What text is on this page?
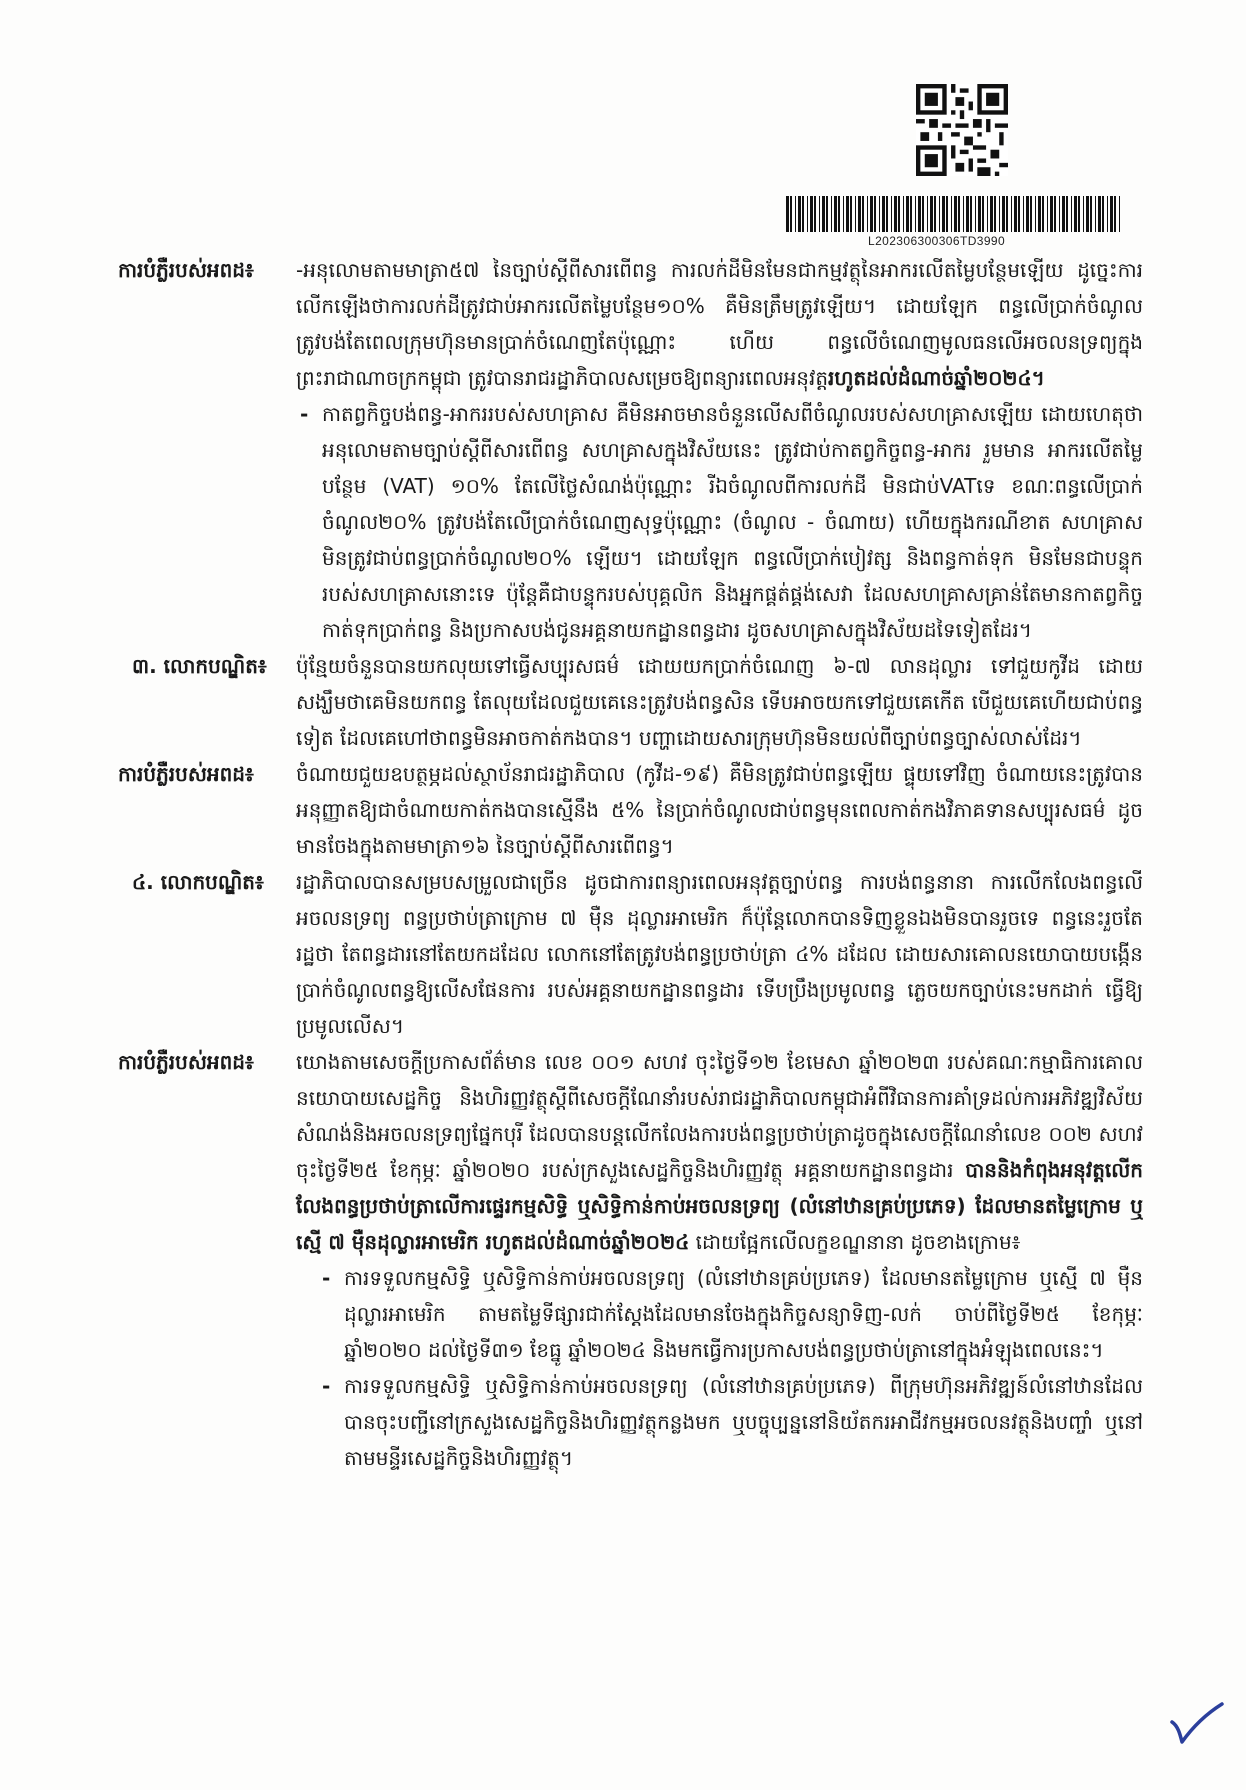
L202306300306TD3990
ការបំភ្លឺរបស់អពដ៖	-អនុលោមតាមមាត្រា៥៧ នៃច្បាប់ស្តីពីសារពើពន្ធ ការលក់ដីមិនមែនជាកម្មវត្ថុនៃអាករលើតម្លៃបន្ថែមឡើយ ដូច្នេះការលើកឡើងថាការលក់ដីត្រូវជាប់អាករលើតម្លៃបន្ថែម១០% គឺមិនត្រឹមត្រូវឡើយ។ ដោយឡែក ពន្ធលើប្រាក់ចំណូល ត្រូវបង់តែពេលក្រុមហ៊ុនមានប្រាក់ចំណេញតែប៉ុណ្ណោះ ហើយ ពន្ធលើចំណេញមូលធនលើអចលនទ្រព្យក្នុងព្រះរាជាណាចក្រកម្ពុជា ត្រូវបានរាជរដ្ឋាភិបាលសម្រេចឱ្យពន្យារពេលអនុវត្តរហូតដល់ដំណាច់ឆ្នាំ២០២៤។
- កាតព្វកិច្ចបង់ពន្ធ-អាកររបស់សហគ្រាស គឺមិនអាចមានចំនួនលើសពីចំណូលរបស់សហគ្រាសឡើយ ដោយហេតុថា អនុលោមតាមច្បាប់ស្តីពីសារពើពន្ធ សហគ្រាសក្នុងវិស័យនេះ ត្រូវជាប់កាតព្វកិច្ចពន្ធ-អាករ រួមមាន អាករលើតម្លៃបន្ថែម (VAT) ១០% តែលើថ្លៃសំណង់ប៉ុណ្ណោះ រីឯចំណូលពីការលក់ដី មិនជាប់VATទេ ខណៈពន្ធលើប្រាក់ចំណូល២០% ត្រូវបង់តែលើប្រាក់ចំណេញសុទ្ធប៉ុណ្ណោះ (ចំណូល - ចំណាយ) ហើយក្នុងករណីខាត សហគ្រាសមិនត្រូវជាប់ពន្ធប្រាក់ចំណូល២០% ឡើយ។ ដោយឡែក ពន្ធលើប្រាក់បៀវត្ស និងពន្ធកាត់ទុក មិនមែនជាបន្ទុករបស់សហគ្រាសនោះទេ ប៉ុន្តែគឺជាបន្ទុករបស់បុគ្គលិក និងអ្នកផ្គត់ផ្គង់សេវា ដែលសហគ្រាសគ្រាន់តែមានកាតព្វកិច្ចកាត់ទុកប្រាក់ពន្ធ និងប្រកាសបង់ជូនអគ្គនាយកដ្ឋានពន្ធដារ ដូចសហគ្រាសក្នុងវិស័យដទៃទៀតដែរ។
៣. លោកបណ្ឌិត៖	ប៉ុន្មែយចំនួនបានយកលុយទៅធ្វើសប្បុរសធម៌ ដោយយកប្រាក់ចំណេញ ៦-៧ លានដុល្លារ ទៅជួយកូវីដ ដោយសង្ឃឹមថាគេមិនយកពន្ធ តែលុយដែលជួយគេនេះត្រូវបង់ពន្ធសិន ទើបអាចយកទៅជួយគេកើត បើជួយគេហើយជាប់ពន្ធទៀត ដែលគេហៅថាពន្ធមិនអាចកាត់កងបាន។ បញ្ហាដោយសារក្រុមហ៊ុនមិនយល់ពីច្បាប់ពន្ធច្បាស់លាស់ដែរ។
ការបំភ្លឺរបស់អពដ៖	ចំណាយជួយឧបត្ថម្ភដល់ស្ថាប័នរាជរដ្ឋាភិបាល (កូវីដ-១៩) គឺមិនត្រូវជាប់ពន្ធឡើយ ផ្ទុយទៅវិញ ចំណាយនេះត្រូវបានអនុញ្ញាតឱ្យជាចំណាយកាត់កងបានស្មើនឹង ៥% នៃប្រាក់ចំណូលជាប់ពន្ធមុនពេលកាត់កងវិភាគទានសប្បុរសធម៌ ដូចមានចែងក្នុងតាមមាត្រា១៦ នៃច្បាប់ស្តីពីសារពើពន្ធ។
៤. លោកបណ្ឌិត៖	រដ្ឋាភិបាលបានសម្របសម្រួលជាច្រើន ដូចជាការពន្យារពេលអនុវត្តច្បាប់ពន្ធ ការបង់ពន្ធនានា ការលើកលែងពន្ធលើអចលនទ្រព្យ ពន្ធប្រថាប់ត្រាក្រោម ៧ ម៉ឺន ដុល្លារអាមេរិក ក៏ប៉ុន្តែលោកបានទិញខ្លួនឯងមិនបានរួចទេ ពន្ធនេះរួចតែរដ្ឋថា តែពន្ធដារនៅតែយកដដែល លោកនៅតែត្រូវបង់ពន្ធប្រថាប់ត្រា ៤% ដដែល ដោយសារគោលនយោបាយបង្កើនប្រាក់ចំណូលពន្ធឱ្យលើសផែនការ របស់អគ្គនាយកដ្ឋានពន្ធដារ ទើបប្រឹងប្រមូលពន្ធ ភ្លេចយកច្បាប់នេះមកដាក់ ធ្វើឱ្យប្រមូលលើស។
ការបំភ្លឺរបស់អពដ៖	យោងតាមសេចក្តីប្រកាសព័ត៌មាន លេខ ០០១ សហវ ចុះថ្ងៃទី១២ ខែមេសា ឆ្នាំ២០២៣ របស់គណៈកម្មាធិការគោលនយោបាយសេដ្ឋកិច្ច និងហិរញ្ញវត្ថុស្តីពីសេចក្តីណែនាំរបស់រាជរដ្ឋាភិបាលកម្ពុជាអំពីវិធានការគាំទ្រដល់ការអភិវឌ្ឍវិស័យសំណង់និងអចលនទ្រព្យផ្នែកបុរី ដែលបានបន្តលើកលែងការបង់ពន្ធប្រថាប់ត្រាដូចក្នុងសេចក្តីណែនាំលេខ ០០២ សហវ ចុះថ្ងៃទី២៥ ខែកុម្ភៈ ឆ្នាំ២០២០ របស់ក្រសួងសេដ្ឋកិច្ចនិងហិរញ្ញវត្ថុ អគ្គនាយកដ្ឋានពន្ធដារ បាននិងកំពុងអនុវត្តលើកលែងពន្ធប្រថាប់ត្រាលើការផ្ទេរកម្មសិទ្ធិ ឬសិទ្ធិកាន់កាប់អចលនទ្រព្យ (លំនៅឋានគ្រប់ប្រភេទ) ដែលមានតម្លៃក្រោម ឬស្មើ ៧ ម៉ឺនដុល្លារអាមេរិក រហូតដល់ដំណាច់ឆ្នាំ២០២៤ ដោយផ្អែកលើលក្ខខណ្ឌនានា ដូចខាងក្រោម៖
- ការទទួលកម្មសិទ្ធិ ឬសិទ្ធិកាន់កាប់អចលនទ្រព្យ (លំនៅឋានគ្រប់ប្រភេទ) ដែលមានតម្លៃក្រោម ឬស្មើ ៧ ម៉ឺន ដុល្លារអាមេរិក តាមតម្លៃទីផ្សារជាក់ស្តែងដែលមានចែងក្នុងកិច្ចសន្យាទិញ-លក់ ចាប់ពីថ្ងៃទី២៥ ខែកុម្ភៈ ឆ្នាំ២០២០ ដល់ថ្ងៃទី៣១ ខែធ្នូ ឆ្នាំ២០២៤ និងមកធ្វើការប្រកាសបង់ពន្ធប្រថាប់ត្រានៅក្នុងអំឡុងពេលនេះ។
- ការទទួលកម្មសិទ្ធិ ឬសិទ្ធិកាន់កាប់អចលនទ្រព្យ (លំនៅឋានគ្រប់ប្រភេទ) ពីក្រុមហ៊ុនអភិវឌ្ឍន៍លំនៅឋានដែលបានចុះបញ្ជីនៅក្រសួងសេដ្ឋកិច្ចនិងហិរញ្ញវត្ថុកន្លងមក ឬបច្ចុប្បន្ននៅនិយ័តករអាជីវកម្មអចលនវត្ថុនិងបញ្ចាំ ឬនៅតាមមន្ទីរសេដ្ឋកិច្ចនិងហិរញ្ញវត្ថុ។
